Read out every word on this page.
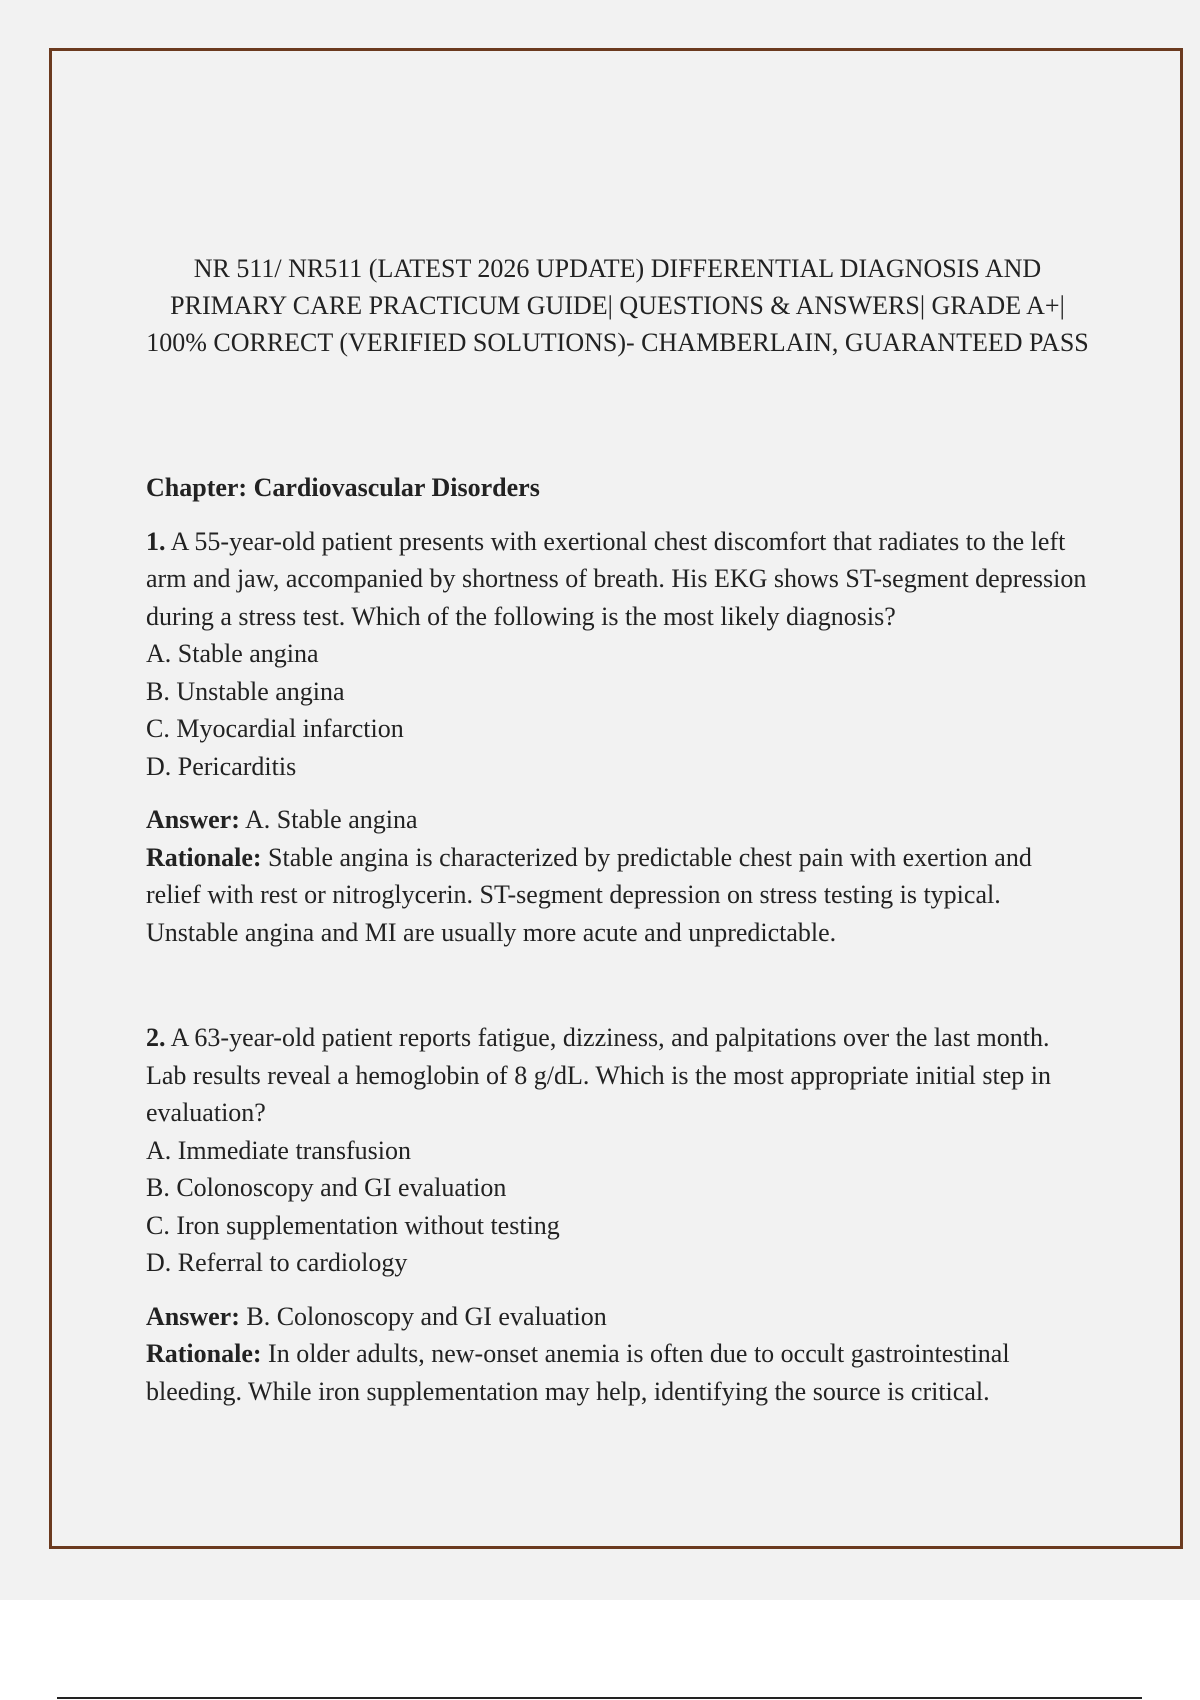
NR 511/ NR511 (LATEST 2026 UPDATE) DIFFERENTIAL DIAGNOSIS AND PRIMARY CARE PRACTICUM GUIDE| QUESTIONS & ANSWERS| GRADE A+| 100% CORRECT (VERIFIED SOLUTIONS)- CHAMBERLAIN, GUARANTEED PASS

Chapter: Cardiovascular Disorders

1. A 55-year-old patient presents with exertional chest discomfort that radiates to the left arm and jaw, accompanied by shortness of breath. His EKG shows ST-segment depression during a stress test. Which of the following is the most likely diagnosis?

A. Stable angina
B. Unstable angina
C. Myocardial infarction
D. Pericarditis

Answer: A. Stable angina

Rationale: Stable angina is characterized by predictable chest pain with exertion and relief with rest or nitroglycerin. ST-segment depression on stress testing is typical. Unstable angina and MI are usually more acute and unpredictable.

2. A 63-year-old patient reports fatigue, dizziness, and palpitations over the last month. Lab results reveal a hemoglobin of 8 g/dL. Which is the most appropriate initial step in evaluation?

A. Immediate transfusion
B. Colonoscopy and GI evaluation
C. Iron supplementation without testing
D. Referral to cardiology

Answer: B. Colonoscopy and GI evaluation

Rationale: In older adults, new-onset anemia is often due to occult gastrointestinal bleeding. While iron supplementation may help, identifying the source is critical.
